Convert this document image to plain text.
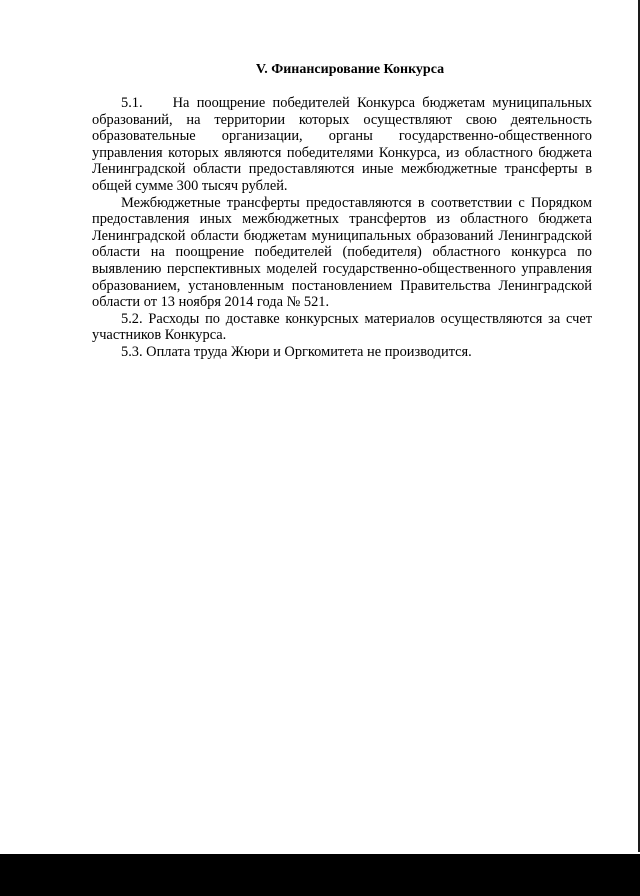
V. Финансирование Конкурса

5.1. На поощрение победителей Конкурса бюджетам муниципальных образований, на территории которых осуществляют свою деятельность образовательные организации, органы государственно-общественного управления которых являются победителями Конкурса, из областного бюджета Ленинградской области предоставляются иные межбюджетные трансферты в общей сумме 300 тысяч рублей.

Межбюджетные трансферты предоставляются в соответствии с Порядком предоставления иных межбюджетных трансфертов из областного бюджета Ленинградской области бюджетам муниципальных образований Ленинградской области на поощрение победителей (победителя) областного конкурса по выявлению перспективных моделей государственно-общественного управления образованием, установленным постановлением Правительства Ленинградской области от 13 ноября 2014 года № 521.

5.2. Расходы по доставке конкурсных материалов осуществляются за счет участников Конкурса.

5.3. Оплата труда Жюри и Оргкомитета не производится.
